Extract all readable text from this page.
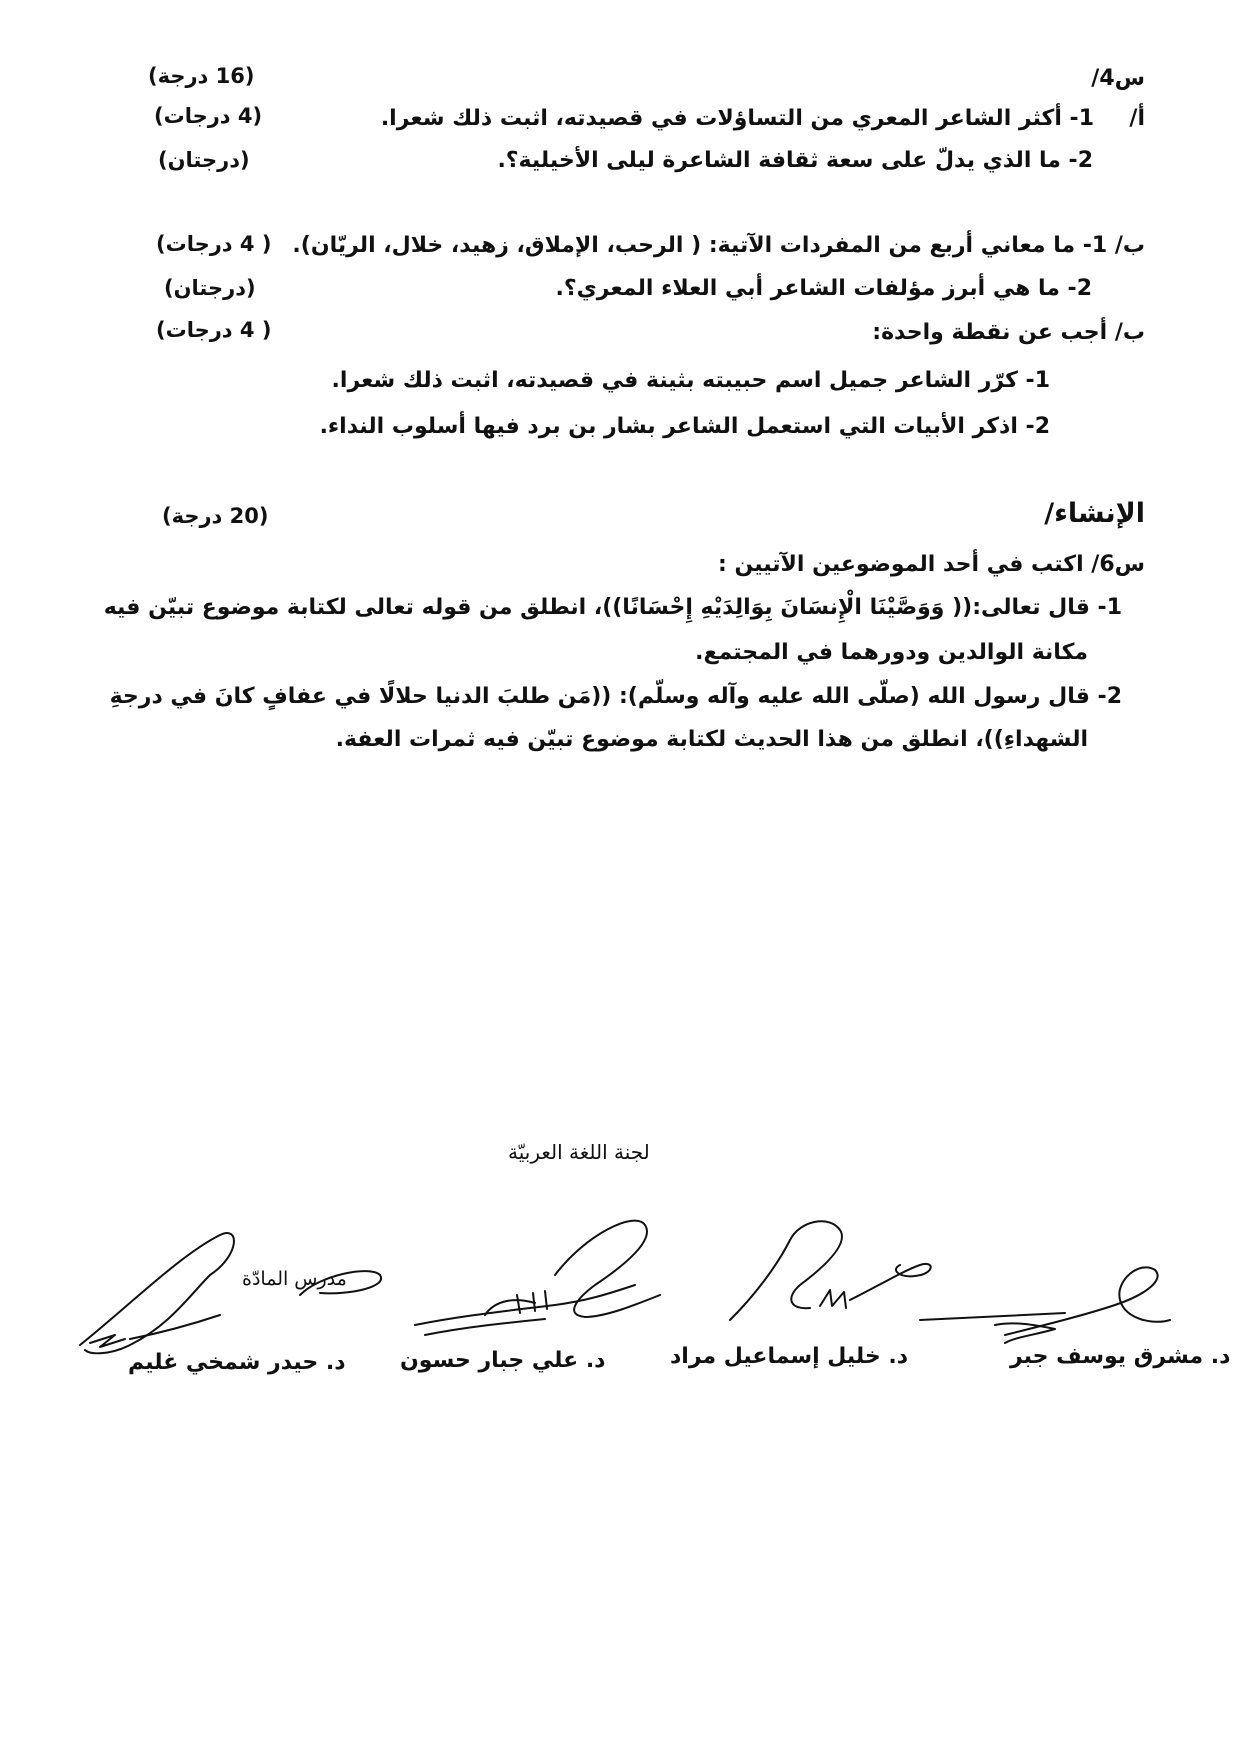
س4/
(16 درجة)
أ/
1- أكثر الشاعر المعري من التساؤلات في قصيدته، اثبت ذلك شعرا.
(4 درجات)
2- ما الذي يدلّ على سعة ثقافة الشاعرة ليلى الأخيلية؟.
(درجتان)
ب/ 1- ما معاني أربع من المفردات الآتية: ( الرحب، الإملاق، زهيد، خلال، الريّان).
( 4 درجات)
2- ما هي أبرز مؤلفات الشاعر أبي العلاء المعري؟.
(درجتان)
ب/ أجب عن نقطة واحدة:
( 4 درجات)
1- كرّر الشاعر جميل اسم حبيبته بثينة في قصيدته، اثبت ذلك شعرا.
2- اذكر الأبيات التي استعمل الشاعر بشار بن برد فيها أسلوب النداء.
الإنشاء/
(20 درجة)
س6/ اكتب في أحد الموضوعين الآتيين :
1- قال تعالى:(( وَوَصَّيْنَا الْإِنسَانَ بِوَالِدَيْهِ إِحْسَانًا))، انطلق من قوله تعالى لكتابة موضوع تبيّن فيه
مكانة الوالدين ودورهما في المجتمع.
2- قال رسول الله (صلّى الله عليه وآله وسلّم): ((مَن طلبَ الدنيا حلالًا في عفافٍ كانَ في درجةِ
الشهداءِ))، انطلق من هذا الحديث لكتابة موضوع تبيّن فيه ثمرات العفة.
لجنة اللغة العربيّة
مدرس المادّة
د. مشرق يوسف جبر
د. خليل إسماعيل مراد
د. علي جبار حسون
د. حيدر شمخي غليم
